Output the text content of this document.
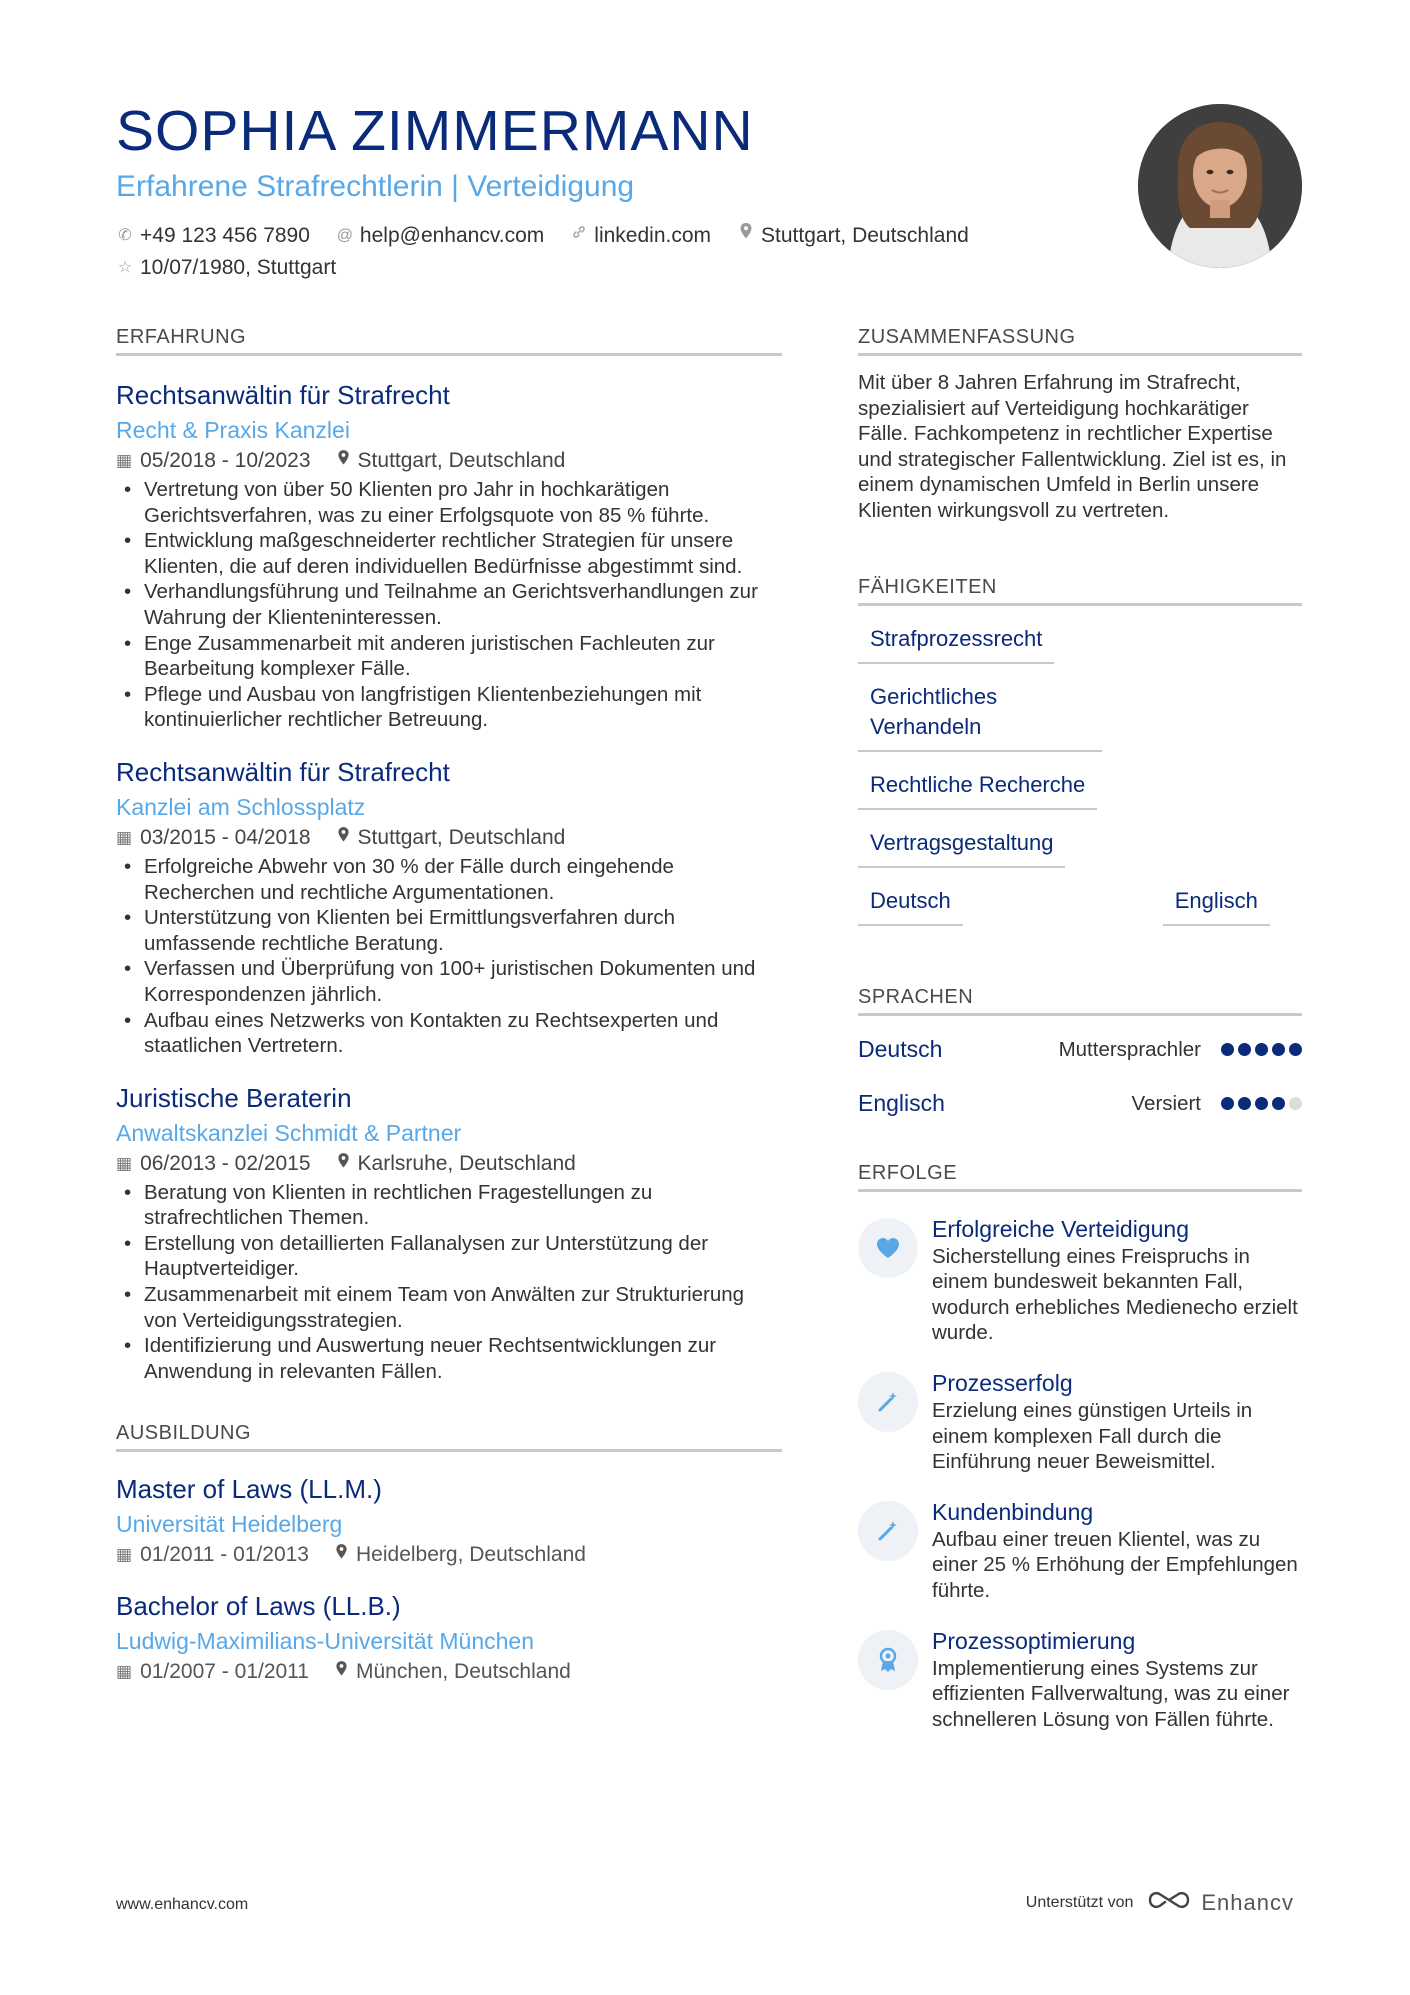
SOPHIA ZIMMERMANN
Erfahrene Strafrechtlerin | Verteidigung
✆ +49 123 456 7890 @ help@enhancv.com linkedin.com Stuttgart, Deutschland
☆ 10/07/1980, Stuttgart
ERFAHRUNG
Rechtsanwältin für Strafrecht
Recht & Praxis Kanzlei
▦ 05/2018 - 10/2023 Stuttgart, Deutschland
• Vertretung von über 50 Klienten pro Jahr in hochkarätigen Gerichtsverfahren, was zu einer Erfolgsquote von 85 % führte.
• Entwicklung maßgeschneiderter rechtlicher Strategien für unsere Klienten, die auf deren individuellen Bedürfnisse abgestimmt sind.
• Verhandlungsführung und Teilnahme an Gerichtsverhandlungen zur Wahrung der Klienteninteressen.
• Enge Zusammenarbeit mit anderen juristischen Fachleuten zur Bearbeitung komplexer Fälle.
• Pflege und Ausbau von langfristigen Klientenbeziehungen mit kontinuierlicher rechtlicher Betreuung.
Rechtsanwältin für Strafrecht
Kanzlei am Schlossplatz
▦ 03/2015 - 04/2018 Stuttgart, Deutschland
• Erfolgreiche Abwehr von 30 % der Fälle durch eingehende Recherchen und rechtliche Argumentationen.
• Unterstützung von Klienten bei Ermittlungsverfahren durch umfassende rechtliche Beratung.
• Verfassen und Überprüfung von 100+ juristischen Dokumenten und Korrespondenzen jährlich.
• Aufbau eines Netzwerks von Kontakten zu Rechtsexperten und staatlichen Vertretern.
Juristische Beraterin
Anwaltskanzlei Schmidt & Partner
▦ 06/2013 - 02/2015 Karlsruhe, Deutschland
• Beratung von Klienten in rechtlichen Fragestellungen zu strafrechtlichen Themen.
• Erstellung von detaillierten Fallanalysen zur Unterstützung der Hauptverteidiger.
• Zusammenarbeit mit einem Team von Anwälten zur Strukturierung von Verteidigungsstrategien.
• Identifizierung und Auswertung neuer Rechtsentwicklungen zur Anwendung in relevanten Fällen.
AUSBILDUNG
Master of Laws (LL.M.)
Universität Heidelberg
▦ 01/2011 - 01/2013 Heidelberg, Deutschland
Bachelor of Laws (LL.B.)
Ludwig-Maximilians-Universität München
▦ 01/2007 - 01/2011 München, Deutschland
ZUSAMMENFASSUNG
Mit über 8 Jahren Erfahrung im Strafrecht, spezialisiert auf Verteidigung hochkarätiger Fälle. Fachkompetenz in rechtlicher Expertise und strategischer Fallentwicklung. Ziel ist es, in einem dynamischen Umfeld in Berlin unsere Klienten wirkungsvoll zu vertreten.
FÄHIGKEITEN
Strafprozessrecht
Gerichtliches Verhandeln
Rechtliche Recherche
Vertragsgestaltung
Deutsch	Englisch
SPRACHEN
Deutsch	Muttersprachler
Englisch	Versiert
ERFOLGE
Erfolgreiche Verteidigung
Sicherstellung eines Freispruchs in einem bundesweit bekannten Fall, wodurch erhebliches Medienecho erzielt wurde.
Prozesserfolg
Erzielung eines günstigen Urteils in einem komplexen Fall durch die Einführung neuer Beweismittel.
Kundenbindung
Aufbau einer treuen Klientel, was zu einer 25 % Erhöhung der Empfehlungen führte.
Prozessoptimierung
Implementierung eines Systems zur effizienten Fallverwaltung, was zu einer schnelleren Lösung von Fällen führte.
www.enhancv.com	Unterstützt von	Enhancv
